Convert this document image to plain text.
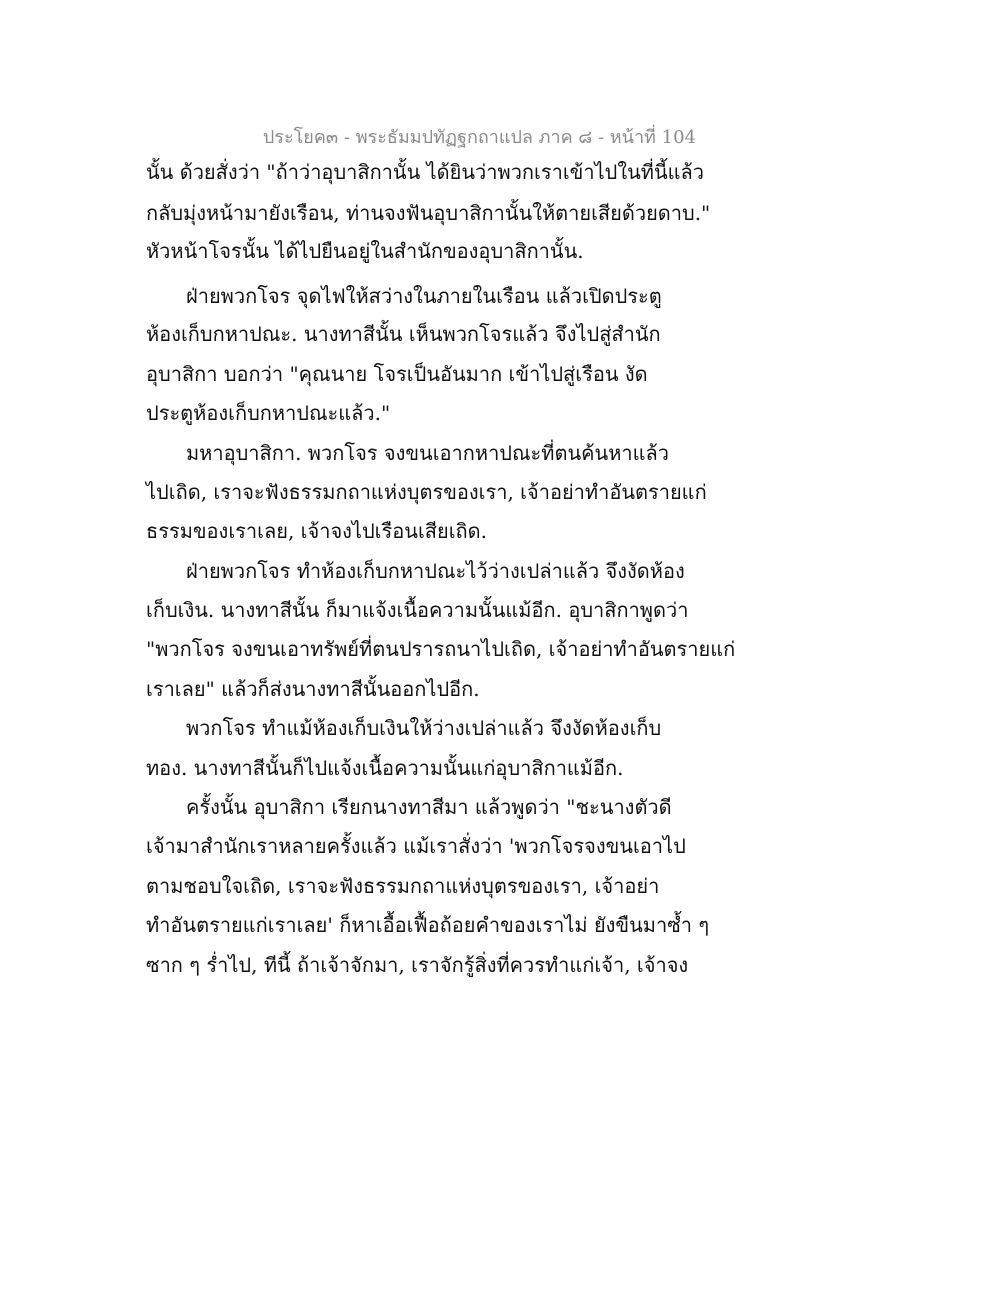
ประโยค๓ - พระธัมมปทัฏฐกถาแปล ภาค ๘ - หน้าที่ 104
นั้น ด้วยสั่งว่า "ถ้าว่าอุบาสิกานั้น ได้ยินว่าพวกเราเข้าไปในที่นี้แล้ว
กลับมุ่งหน้ามายังเรือน, ท่านจงฟันอุบาสิกานั้นให้ตายเสียด้วยดาบ."
หัวหน้าโจรนั้น ได้ไปยืนอยู่ในสำนักของอุบาสิกานั้น.
ฝ่ายพวกโจร จุดไฟให้สว่างในภายในเรือน แล้วเปิดประตู
ห้องเก็บกหาปณะ. นางทาสีนั้น เห็นพวกโจรแล้ว จึงไปสู่สำนัก
อุบาสิกา บอกว่า "คุณนาย โจรเป็นอันมาก เข้าไปสู่เรือน งัด
ประตูห้องเก็บกหาปณะแล้ว."
มหาอุบาสิกา. พวกโจร จงขนเอากหาปณะที่ตนค้นหาแล้ว
ไปเถิด, เราจะฟังธรรมกถาแห่งบุตรของเรา, เจ้าอย่าทำอันตรายแก่
ธรรมของเราเลย, เจ้าจงไปเรือนเสียเถิด.
ฝ่ายพวกโจร ทำห้องเก็บกหาปณะไว้ว่างเปล่าแล้ว จึงงัดห้อง
เก็บเงิน. นางทาสีนั้น ก็มาแจ้งเนื้อความนั้นแม้อีก. อุบาสิกาพูดว่า
"พวกโจร จงขนเอาทรัพย์ที่ตนปรารถนาไปเถิด, เจ้าอย่าทำอันตรายแก่
เราเลย" แล้วก็ส่งนางทาสีนั้นออกไปอีก.
พวกโจร ทำแม้ห้องเก็บเงินให้ว่างเปล่าแล้ว จึงงัดห้องเก็บ
ทอง. นางทาสีนั้นก็ไปแจ้งเนื้อความนั้นแก่อุบาสิกาแม้อีก.
ครั้งนั้น อุบาสิกา เรียกนางทาสีมา แล้วพูดว่า "ชะนางตัวดี
เจ้ามาสำนักเราหลายครั้งแล้ว แม้เราสั่งว่า 'พวกโจรจงขนเอาไป
ตามชอบใจเถิด, เราจะฟังธรรมกถาแห่งบุตรของเรา, เจ้าอย่า
ทำอันตรายแก่เราเลย' ก็หาเอื้อเฟื้อถ้อยคำของเราไม่ ยังขืนมาซ้ำ ๆ
ซาก ๆ ร่ำไป, ทีนี้ ถ้าเจ้าจักมา, เราจักรู้สิ่งที่ควรทำแก่เจ้า, เจ้าจง
